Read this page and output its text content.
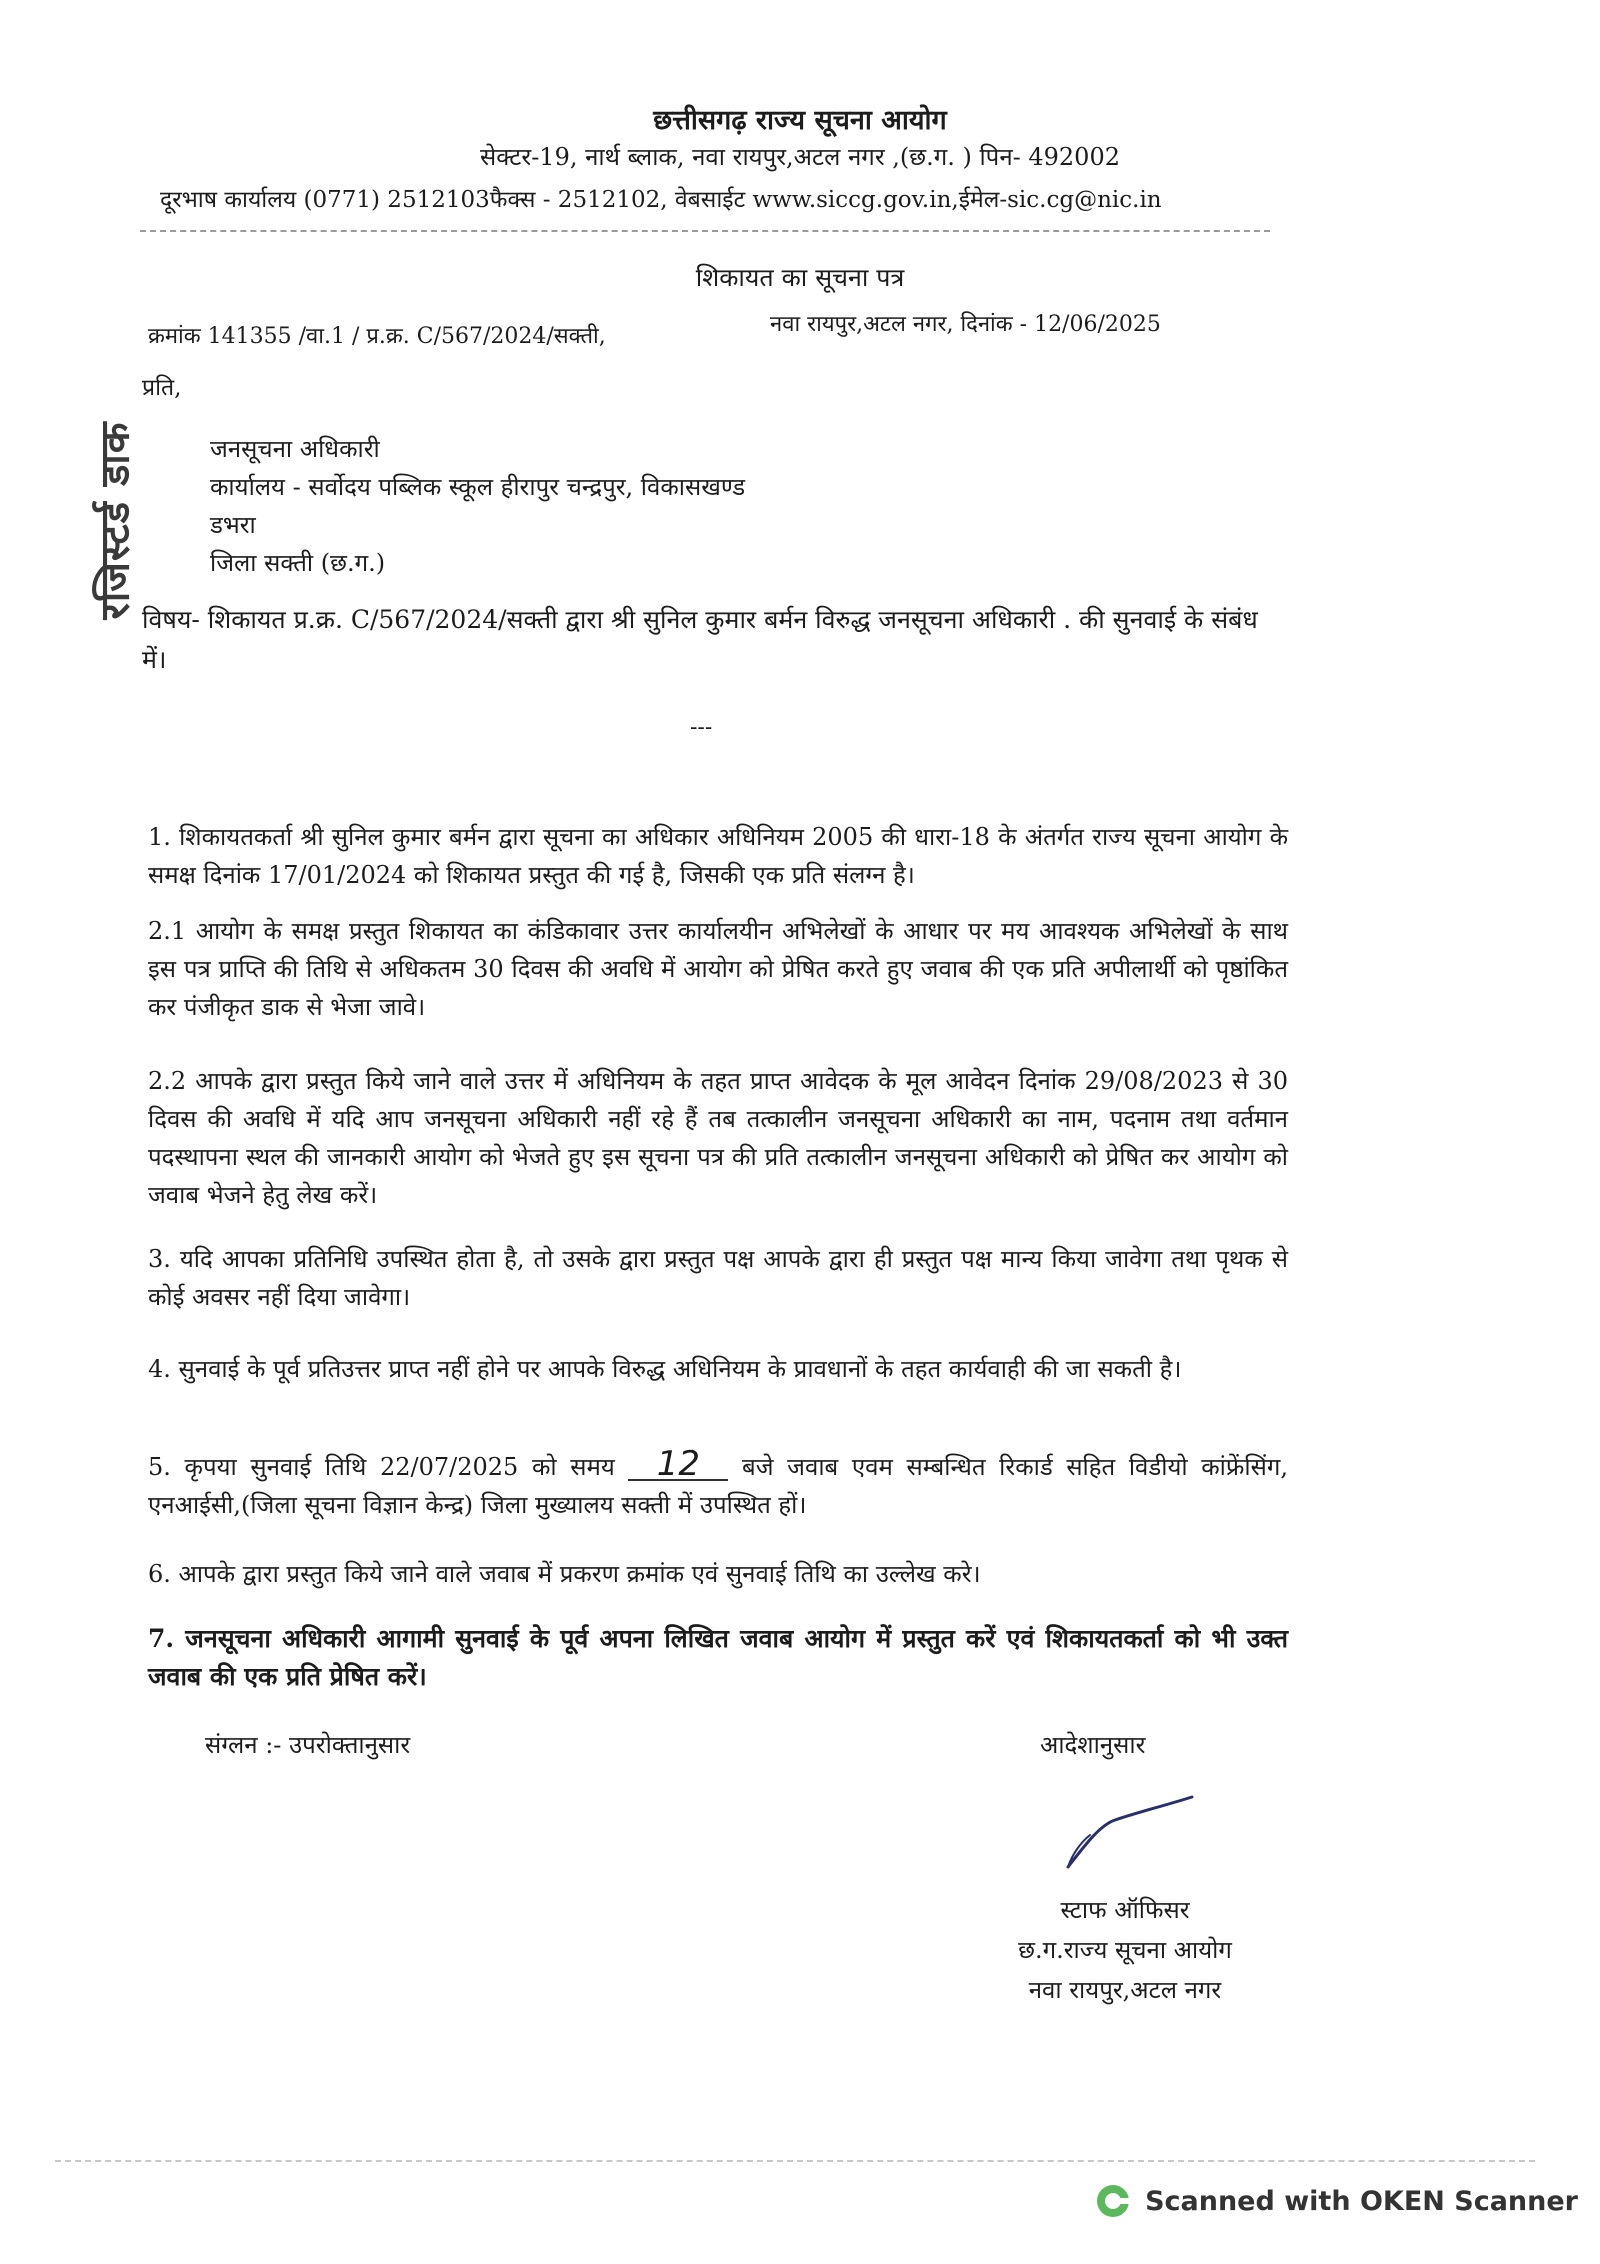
छत्तीसगढ़ राज्य सूचना आयोग
सेक्टर-19, नार्थ ब्लाक, नवा रायपुर,अटल नगर ,(छ.ग. ) पिन- 492002
दूरभाष कार्यालय (0771) 2512103फैक्स - 2512102, वेबसाईट www.siccg.gov.in,ईमेल-sic.cg@nic.in
शिकायत का सूचना पत्र
क्रमांक 141355 /वा.1 / प्र.क्र. C/567/2024/सक्ती,	नवा रायपुर,अटल नगर, दिनांक - 12/06/2025
रजिस्टर्ड डाक
प्रति,
जनसूचना अधिकारी
कार्यालय - सर्वोदय पब्लिक स्कूल हीरापुर चन्द्रपुर, विकासखण्ड
डभरा
जिला सक्ती (छ.ग.)
विषय- शिकायत प्र.क्र. C/567/2024/सक्ती द्वारा श्री सुनिल कुमार बर्मन विरुद्ध जनसूचना अधिकारी . की सुनवाई के संबंध में।
---

1. शिकायतकर्ता श्री सुनिल कुमार बर्मन द्वारा सूचना का अधिकार अधिनियम 2005 की धारा-18 के अंतर्गत राज्य सूचना आयोग के समक्ष दिनांक 17/01/2024 को शिकायत प्रस्तुत की गई है, जिसकी एक प्रति संलग्न है।

2.1 आयोग के समक्ष प्रस्तुत शिकायत का कंडिकावार उत्तर कार्यालयीन अभिलेखों के आधार पर मय आवश्यक अभिलेखों के साथ इस पत्र प्राप्ति की तिथि से अधिकतम 30 दिवस की अवधि में आयोग को प्रेषित करते हुए जवाब की एक प्रति अपीलार्थी को पृष्ठांकित कर पंजीकृत डाक से भेजा जावे।

2.2 आपके द्वारा प्रस्तुत किये जाने वाले उत्तर में अधिनियम के तहत प्राप्त आवेदक के मूल आवेदन दिनांक 29/08/2023 से 30 दिवस की अवधि में यदि आप जनसूचना अधिकारी नहीं रहे हैं तब तत्कालीन जनसूचना अधिकारी का नाम, पदनाम तथा वर्तमान पदस्थापना स्थल की जानकारी आयोग को भेजते हुए इस सूचना पत्र की प्रति तत्कालीन जनसूचना अधिकारी को प्रेषित कर आयोग को जवाब भेजने हेतु लेख करें।

3. यदि आपका प्रतिनिधि उपस्थित होता है, तो उसके द्वारा प्रस्तुत पक्ष आपके द्वारा ही प्रस्तुत पक्ष मान्य किया जावेगा तथा पृथक से कोई अवसर नहीं दिया जावेगा।

4. सुनवाई के पूर्व प्रतिउत्तर प्राप्त नहीं होने पर आपके विरुद्ध अधिनियम के प्रावधानों के तहत कार्यवाही की जा सकती है।

5. कृपया सुनवाई तिथि 22/07/2025 को समय 12 बजे जवाब एवम सम्बन्धित रिकार्ड सहित विडीयो कांफ्रेंसिंग, एनआईसी,(जिला सूचना विज्ञान केन्द्र) जिला मुख्यालय सक्ती में उपस्थित हों।

6. आपके द्वारा प्रस्तुत किये जाने वाले जवाब में प्रकरण क्रमांक एवं सुनवाई तिथि का उल्लेख करे।

7. जनसूचना अधिकारी आगामी सुनवाई के पूर्व अपना लिखित जवाब आयोग में प्रस्तुत करें एवं शिकायतकर्ता को भी उक्त जवाब की एक प्रति प्रेषित करें।

संग्लन :- उपरोक्तानुसार	आदेशानुसार
स्टाफ ऑफिसर
छ.ग.राज्य सूचना आयोग
नवा रायपुर,अटल नगर
Scanned with OKEN Scanner
